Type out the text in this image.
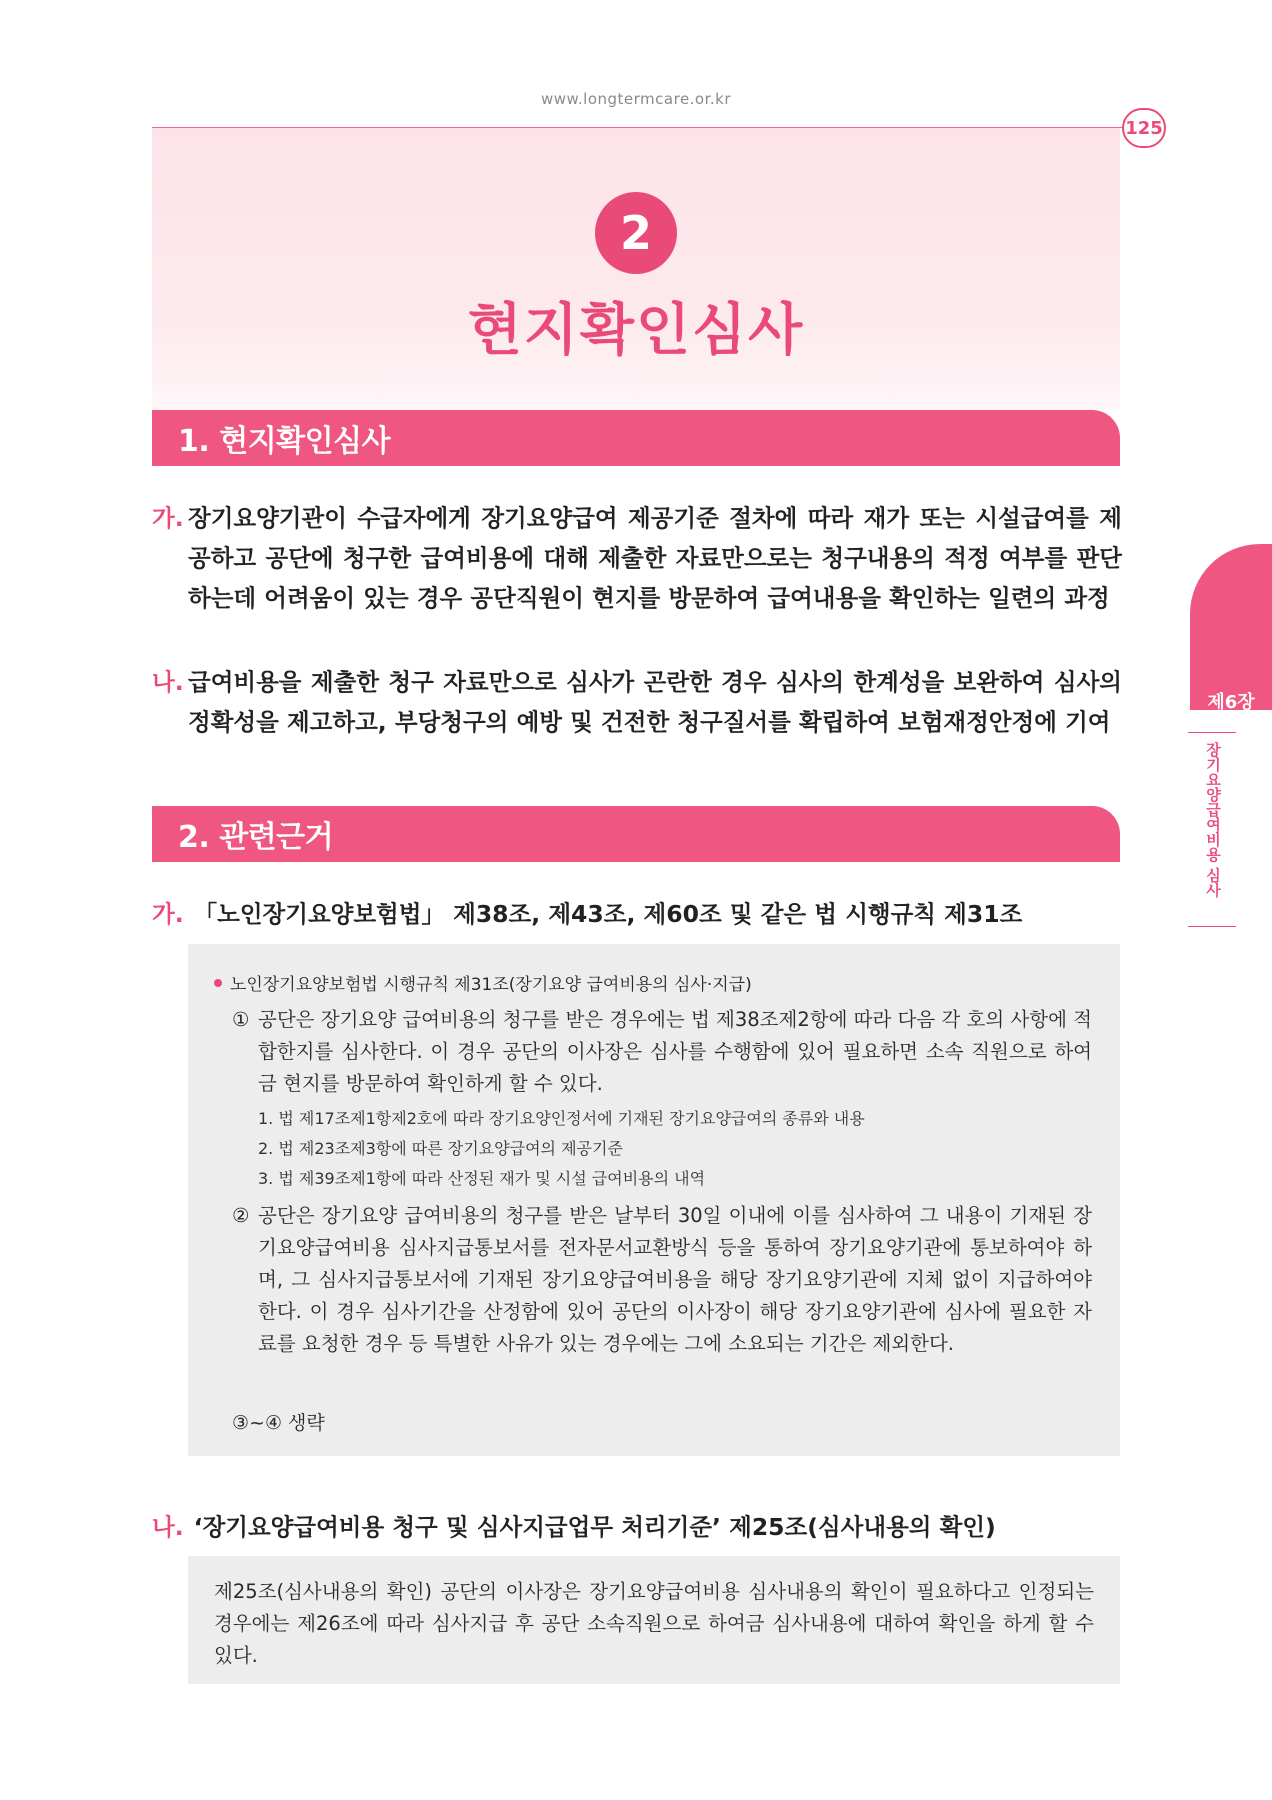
www.longtermcare.or.kr
125
2
현지확인심사
1. 현지확인심사
가. 장기요양기관이 수급자에게 장기요양급여 제공기준 절차에 따라 재가 또는 시설급여를 제공하고 공단에 청구한 급여비용에 대해 제출한 자료만으로는 청구내용의 적정 여부를 판단하는데 어려움이 있는 경우 공단직원이 현지를 방문하여 급여내용을 확인하는 일련의 과정
나. 급여비용을 제출한 청구 자료만으로 심사가 곤란한 경우 심사의 한계성을 보완하여 심사의 정확성을 제고하고, 부당청구의 예방 및 건전한 청구질서를 확립하여 보험재정안정에 기여
2. 관련근거
가. 「노인장기요양보험법」 제38조, 제43조, 제60조 및 같은 법 시행규칙 제31조
노인장기요양보험법 시행규칙 제31조(장기요양 급여비용의 심사·지급)
① 공단은 장기요양 급여비용의 청구를 받은 경우에는 법 제38조제2항에 따라 다음 각 호의 사항에 적합한지를 심사한다. 이 경우 공단의 이사장은 심사를 수행함에 있어 필요하면 소속 직원으로 하여금 현지를 방문하여 확인하게 할 수 있다.
1. 법 제17조제1항제2호에 따라 장기요양인정서에 기재된 장기요양급여의 종류와 내용
2. 법 제23조제3항에 따른 장기요양급여의 제공기준
3. 법 제39조제1항에 따라 산정된 재가 및 시설 급여비용의 내역
② 공단은 장기요양 급여비용의 청구를 받은 날부터 30일 이내에 이를 심사하여 그 내용이 기재된 장기요양급여비용 심사지급통보서를 전자문서교환방식 등을 통하여 장기요양기관에 통보하여야 하며, 그 심사지급통보서에 기재된 장기요양급여비용을 해당 장기요양기관에 지체 없이 지급하여야 한다. 이 경우 심사기간을 산정함에 있어 공단의 이사장이 해당 장기요양기관에 심사에 필요한 자료를 요청한 경우 등 특별한 사유가 있는 경우에는 그에 소요되는 기간은 제외한다.
③~④ 생략
나. ‘장기요양급여비용 청구 및 심사지급업무 처리기준’ 제25조(심사내용의 확인)
제25조(심사내용의 확인) 공단의 이사장은 장기요양급여비용 심사내용의 확인이 필요하다고 인정되는 경우에는 제26조에 따라 심사지급 후 공단 소속직원으로 하여금 심사내용에 대하여 확인을 하게 할 수 있다.
제6장
장기요양급여비용 심사
